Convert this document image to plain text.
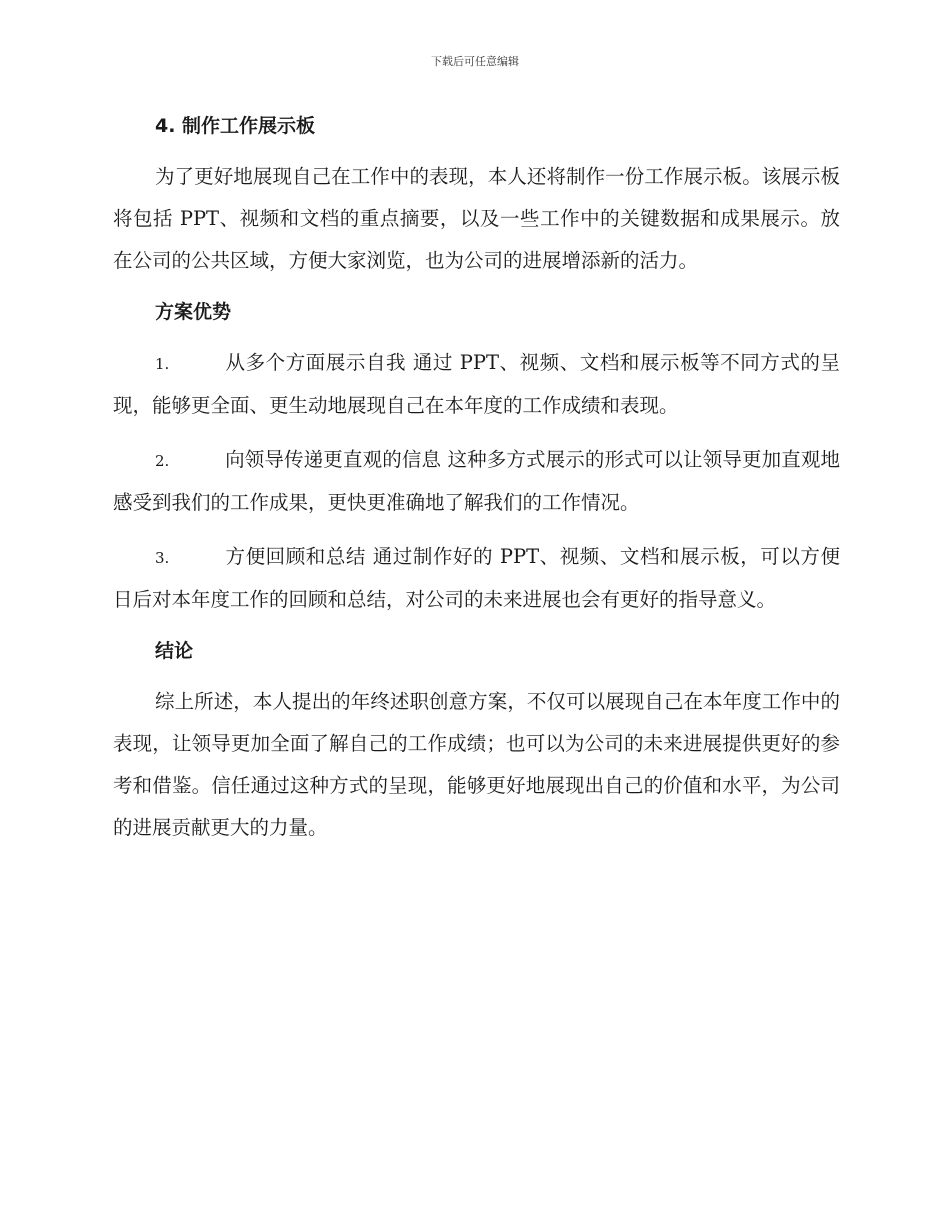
下载后可任意编辑
4. 制作工作展示板

为了更好地展现自己在工作中的表现，本人还将制作一份工作展示板。该展示板将包括 PPT、视频和文档的重点摘要，以及一些工作中的关键数据和成果展示。放在公司的公共区域，方便大家浏览，也为公司的进展增添新的活力。

方案优势
1.	从多个方面展示自我 通过 PPT、视频、文档和展示板等不同方式的呈现，能够更全面、更生动地展现自己在本年度的工作成绩和表现。
2.	向领导传递更直观的信息 这种多方式展示的形式可以让领导更加直观地感受到我们的工作成果，更快更准确地了解我们的工作情况。
3.	方便回顾和总结 通过制作好的 PPT、视频、文档和展示板，可以方便日后对本年度工作的回顾和总结，对公司的未来进展也会有更好的指导意义。
结论

综上所述，本人提出的年终述职创意方案，不仅可以展现自己在本年度工作中的表现，让领导更加全面了解自己的工作成绩；也可以为公司的未来进展提供更好的参考和借鉴。信任通过这种方式的呈现，能够更好地展现出自己的价值和水平，为公司的进展贡献更大的力量。
